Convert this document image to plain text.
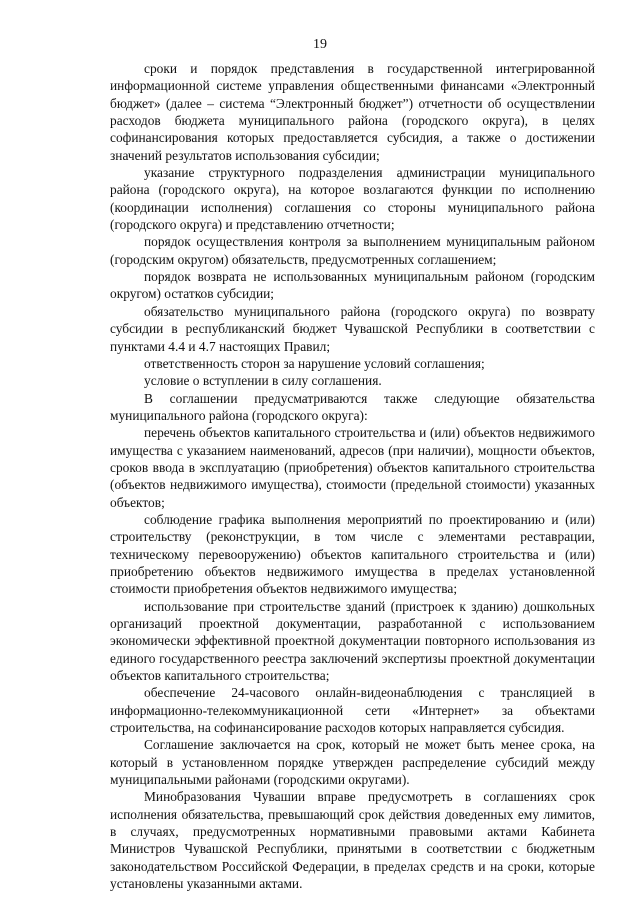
19

сроки и порядок представления в государственной интегрированной информационной системе управления общественными финансами «Электронный бюджет» (далее – система “Электронный бюджет”) отчетности об осуществлении расходов бюджета муниципального района (городского округа), в целях софинансирования которых предоставляется субсидия, а также о достижении значений результатов использования субсидии;

указание структурного подразделения администрации муниципального района (городского округа), на которое возлагаются функции по исполнению (координации исполнения) соглашения со стороны муниципального района (городского округа) и представлению отчетности;

порядок осуществления контроля за выполнением муниципальным районом (городским округом) обязательств, предусмотренных соглашением;

порядок возврата не использованных муниципальным районом (городским округом) остатков субсидии;

обязательство муниципального района (городского округа) по возврату субсидии в республиканский бюджет Чувашской Республики в соответствии с пунктами 4.4 и 4.7 настоящих Правил;

ответственность сторон за нарушение условий соглашения;

условие о вступлении в силу соглашения.

В соглашении предусматриваются также следующие обязательства муниципального района (городского округа):

перечень объектов капитального строительства и (или) объектов недвижимого имущества с указанием наименований, адресов (при наличии), мощности объектов, сроков ввода в эксплуатацию (приобретения) объектов капитального строительства (объектов недвижимого имущества), стоимости (предельной стоимости) указанных объектов;

соблюдение графика выполнения мероприятий по проектированию и (или) строительству (реконструкции, в том числе с элементами реставрации, техническому перевооружению) объектов капитального строительства и (или) приобретению объектов недвижимого имущества в пределах установленной стоимости приобретения объектов недвижимого имущества;

использование при строительстве зданий (пристроек к зданию) дошкольных организаций проектной документации, разработанной с использованием экономически эффективной проектной документации повторного использования из единого государственного реестра заключений экспертизы проектной документации объектов капитального строительства;

обеспечение 24-часового онлайн-видеонаблюдения с трансляцией в информационно-телекоммуникационной сети «Интернет» за объектами строительства, на софинансирование расходов которых направляется субсидия.

Соглашение заключается на срок, который не может быть менее срока, на который в установленном порядке утвержден распределение субсидий между муниципальными районами (городскими округами).

Минобразования Чувашии вправе предусмотреть в соглашениях срок исполнения обязательства, превышающий срок действия доведенных ему лимитов, в случаях, предусмотренных нормативными правовыми актами Кабинета Министров Чувашской Республики, принятыми в соответствии с бюджетным законодательством Российской Федерации, в пределах средств и на сроки, которые установлены указанными актами.
